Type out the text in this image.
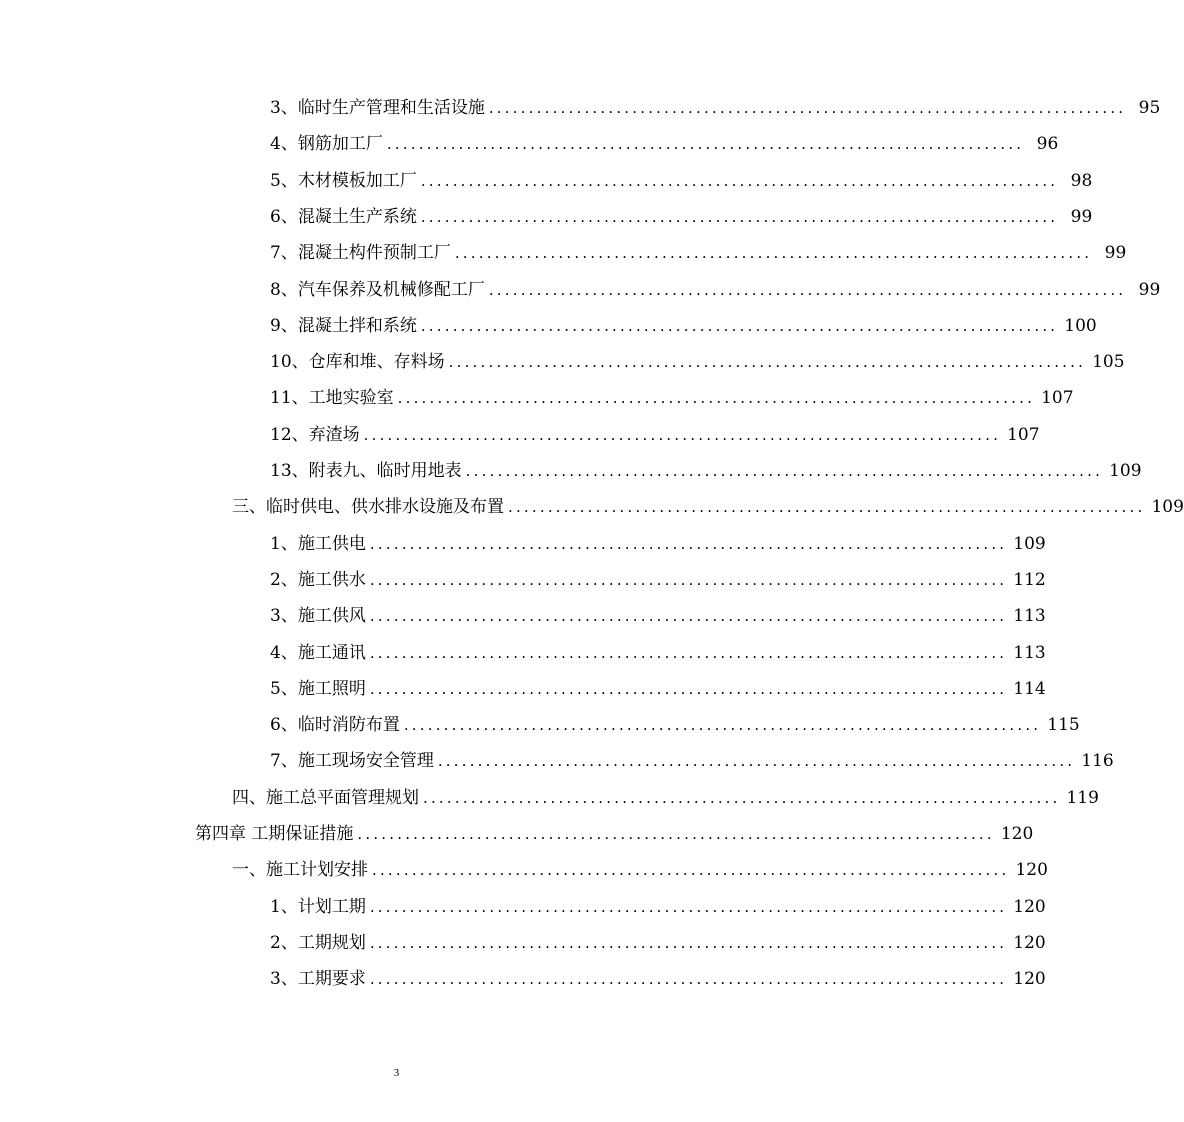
3、临时生产管理和生活设施 ................................................................................ 95
4、钢筋加工厂 ................................................................................ 96
5、木材模板加工厂 ................................................................................ 98
6、混凝土生产系统 ................................................................................ 99
7、混凝土构件预制工厂 ................................................................................ 99
8、汽车保养及机械修配工厂 ................................................................................ 99
9、混凝土拌和系统 ................................................................................ 100
10、仓库和堆、存料场 ................................................................................ 105
11、工地实验室 ................................................................................ 107
12、弃渣场 ................................................................................ 107
13、附表九、临时用地表 ................................................................................ 109
三、临时供电、供水排水设施及布置 ................................................................................ 109
1、施工供电 ................................................................................ 109
2、施工供水 ................................................................................ 112
3、施工供风 ................................................................................ 113
4、施工通讯 ................................................................................ 113
5、施工照明 ................................................................................ 114
6、临时消防布置 ................................................................................ 115
7、施工现场安全管理 ................................................................................ 116
四、施工总平面管理规划 ................................................................................ 119
第四章 工期保证措施 ................................................................................ 120
一、施工计划安排 ................................................................................ 120
1、计划工期 ................................................................................ 120
2、工期规划 ................................................................................ 120
3、工期要求 ................................................................................ 120
3
